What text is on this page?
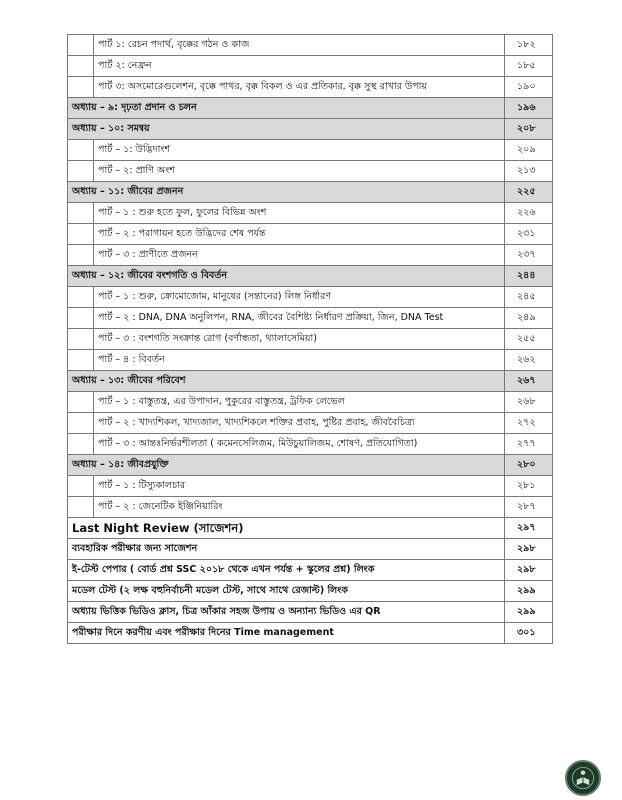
	পার্ট ১: রেচন পদার্থ, বৃক্কের গঠন ও কাজ	১৮২
	পার্ট ২: নেফ্রন	১৮৫
	পার্ট ৩: অসমোরেগুলেশন, বৃক্কে পাথর, বৃক্ক বিকল ও এর প্রতিকার, বৃক্ক সুস্থ রাখার উপায়	১৯০
অধ্যায় – ৯: দৃঢ়তা প্রদান ও চলন		১৯৬
অধ্যায় – ১০: সমন্বয়		২০৮
	পার্ট – ১: উদ্ভিদাংশ	২০৯
	পার্ট – ২: প্রাণি অংশ	২১৩
অধ্যায় – ১১: জীবের প্রজনন		২২৫
	পার্ট – ১ : শুরু হতে ফুল, ফুলের বিভিন্ন অংশ	২২৬
	পার্ট – ২ : পরাগায়ন হতে উদ্ভিদের শেষ পর্যন্ত	২৩১
	পার্ট – ৩ : প্রাণীতে প্রজনন	২৩৭
অধ্যায় – ১২: জীবের বংশগতি ও বিবর্তন		২৪৪
	পার্ট – ১ : শুরু, ক্রোমোজোম, মানুষের (সন্তানের) লিঙ্গ নির্ধারণ	২৪৫
	পার্ট – ২ : DNA, DNA অনুলিপন, RNA, জীবের বৈশিষ্ট্য নির্ধারণ প্রক্রিয়া, জিন, DNA Test	২৪৯
	পার্ট – ৩ : বংশগতি সংক্রান্ত রোগ (বর্ণান্ধতা, থ্যালাসেমিয়া)	২৫৫
	পার্ট – ৪ : বিবর্তন	২৬২
অধ্যায় – ১৩: জীবের পরিবেশ		২৬৭
	পার্ট – ১ : বাস্তুতন্ত্র, এর উপাদান, পুকুরের বাস্তুতন্ত্র, ট্রফিক লেভেল	২৬৮
	পার্ট – ২ : খাদ্যশিকল, খাদ্যজাল, খাদ্যশিকলে শক্তির প্রবাহ, পুষ্টির প্রবাহ, জীববৈচিত্র্য	২৭২
	পার্ট – ৩ : আন্তঃনির্ভরশীলতা ( কমেনসেলিজম, মিউচুয়ালিজম, শোষণ, প্রতিযোগিতা)	২৭৭
অধ্যায় – ১৪: জীবপ্রযুক্তি		২৮০
	পার্ট – ১ : টিস্যুকালচার	২৮১
	পার্ট – ২ : জেনেটিক ইঞ্জিনিয়ারিং	২৮৭
Last Night Review (সাজেশন)		২৯৭
ব্যবহারিক পরীক্ষার জন্য সাজেশন		২৯৮
ই-টেস্ট পেপার ( বোর্ড প্রশ্ন SSC ২০১৮ থেকে এখন পর্যন্ত + স্কুলের প্রশ্ন) লিংক		২৯৮
মডেল টেস্ট (২ লক্ষ বহুনির্বাচনী মডেল টেস্ট, সাথে সাথে রেজাল্ট) লিংক		২৯৯
অধ্যায় ভিত্তিক ভিডিও ক্লাস, চিত্র আঁকার সহজ উপায় ও অন্যান্য ভিডিও এর QR		২৯৯
পরীক্ষার দিনে করণীয় এবং পরীক্ষার দিনের Time management		৩০১
